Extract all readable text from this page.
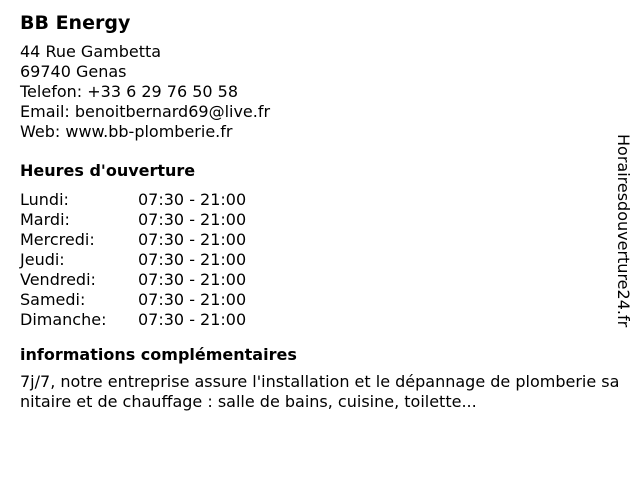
BB Energy
44 Rue Gambetta
69740 Genas
Telefon: +33 6 29 76 50 58
Email: benoitbernard69@live.fr
Web: www.bb-plomberie.fr
Heures d'ouverture
Lundi:	07:30 - 21:00
Mardi:	07:30 - 21:00
Mercredi:	07:30 - 21:00
Jeudi:	07:30 - 21:00
Vendredi:	07:30 - 21:00
Samedi:	07:30 - 21:00
Dimanche:	07:30 - 21:00
informations complémentaires
7j/7, notre entreprise assure l'installation et le dépannage de plomberie sanitaire et de chauffage : salle de bains, cuisine, toilette...
Horairesdouverture24.fr
